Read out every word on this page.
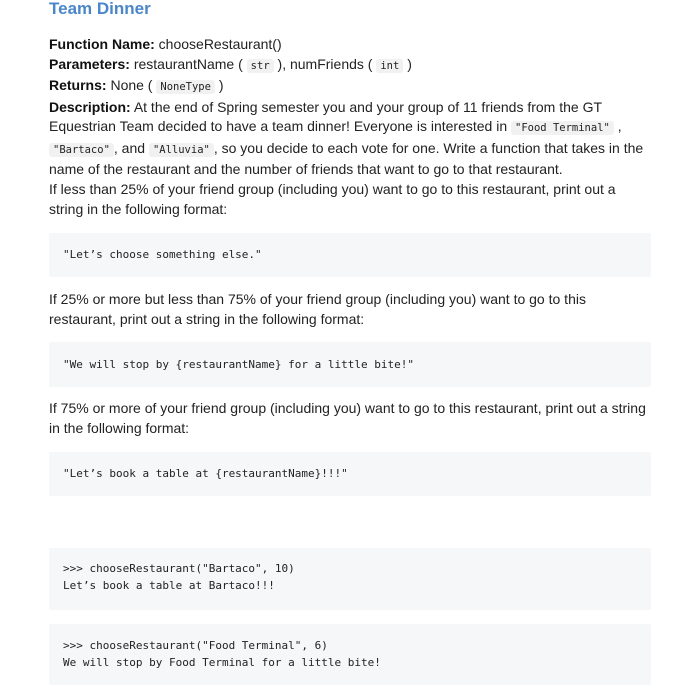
Team Dinner
Function Name: chooseRestaurant()
Parameters: restaurantName ( str ), numFriends ( int )
Returns: None ( NoneType )
Description: At the end of Spring semester you and your group of 11 friends from the GT Equestrian Team decided to have a team dinner! Everyone is interested in "Food Terminal" , "Bartaco" , and "Alluvia" , so you decide to each vote for one. Write a function that takes in the name of the restaurant and the number of friends that want to go to that restaurant.
If less than 25% of your friend group (including you) want to go to this restaurant, print out a string in the following format:
"Let’s choose something else."
If 25% or more but less than 75% of your friend group (including you) want to go to this restaurant, print out a string in the following format:
"We will stop by {restaurantName} for a little bite!"
If 75% or more of your friend group (including you) want to go to this restaurant, print out a string in the following format:
"Let’s book a table at {restaurantName}!!!"
>>> chooseRestaurant("Bartaco", 10)
Let’s book a table at Bartaco!!!
>>> chooseRestaurant("Food Terminal", 6)
We will stop by Food Terminal for a little bite!
